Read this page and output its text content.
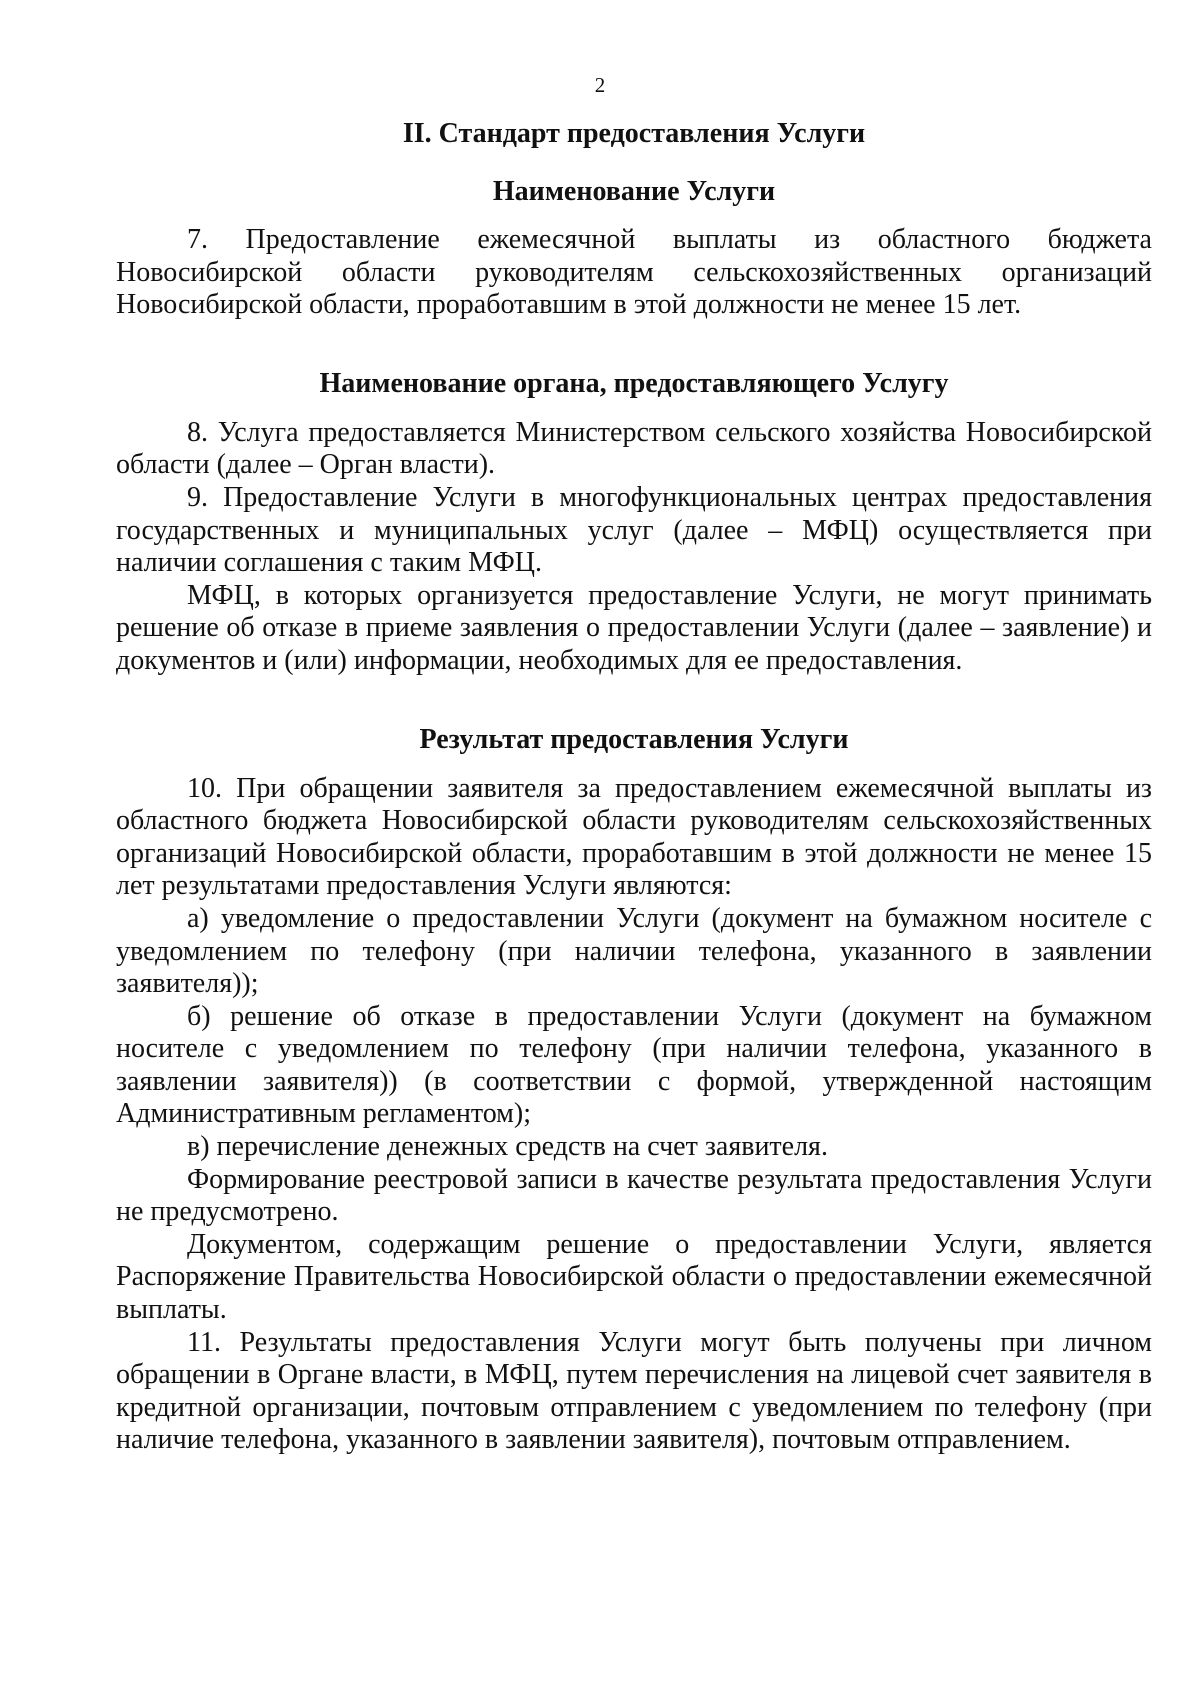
2
II. Стандарт предоставления Услуги
Наименование Услуги

7. Предоставление ежемесячной выплаты из областного бюджета Новосибирской области руководителям сельскохозяйственных организаций Новосибирской области, проработавшим в этой должности не менее 15 лет.

Наименование органа, предоставляющего Услугу

8. Услуга предоставляется Министерством сельского хозяйства Новосибирской области (далее – Орган власти).

9. Предоставление Услуги в многофункциональных центрах предоставления государственных и муниципальных услуг (далее – МФЦ) осуществляется при наличии соглашения с таким МФЦ.

МФЦ, в которых организуется предоставление Услуги, не могут принимать решение об отказе в приеме заявления о предоставлении Услуги (далее – заявление) и документов и (или) информации, необходимых для ее предоставления.

Результат предоставления Услуги

10. При обращении заявителя за предоставлением ежемесячной выплаты из областного бюджета Новосибирской области руководителям сельскохозяйственных организаций Новосибирской области, проработавшим в этой должности не менее 15 лет результатами предоставления Услуги являются:

а) уведомление о предоставлении Услуги (документ на бумажном носителе с уведомлением по телефону (при наличии телефона, указанного в заявлении заявителя));

б) решение об отказе в предоставлении Услуги (документ на бумажном носителе с уведомлением по телефону (при наличии телефона, указанного в заявлении заявителя)) (в соответствии с формой, утвержденной настоящим Административным регламентом);

в) перечисление денежных средств на счет заявителя.

Формирование реестровой записи в качестве результата предоставления Услуги не предусмотрено.

Документом, содержащим решение о предоставлении Услуги, является Распоряжение Правительства Новосибирской области о предоставлении ежемесячной выплаты.

11. Результаты предоставления Услуги могут быть получены при личном обращении в Органе власти, в МФЦ, путем перечисления на лицевой счет заявителя в кредитной организации, почтовым отправлением с уведомлением по телефону (при наличие телефона, указанного в заявлении заявителя), почтовым отправлением.
